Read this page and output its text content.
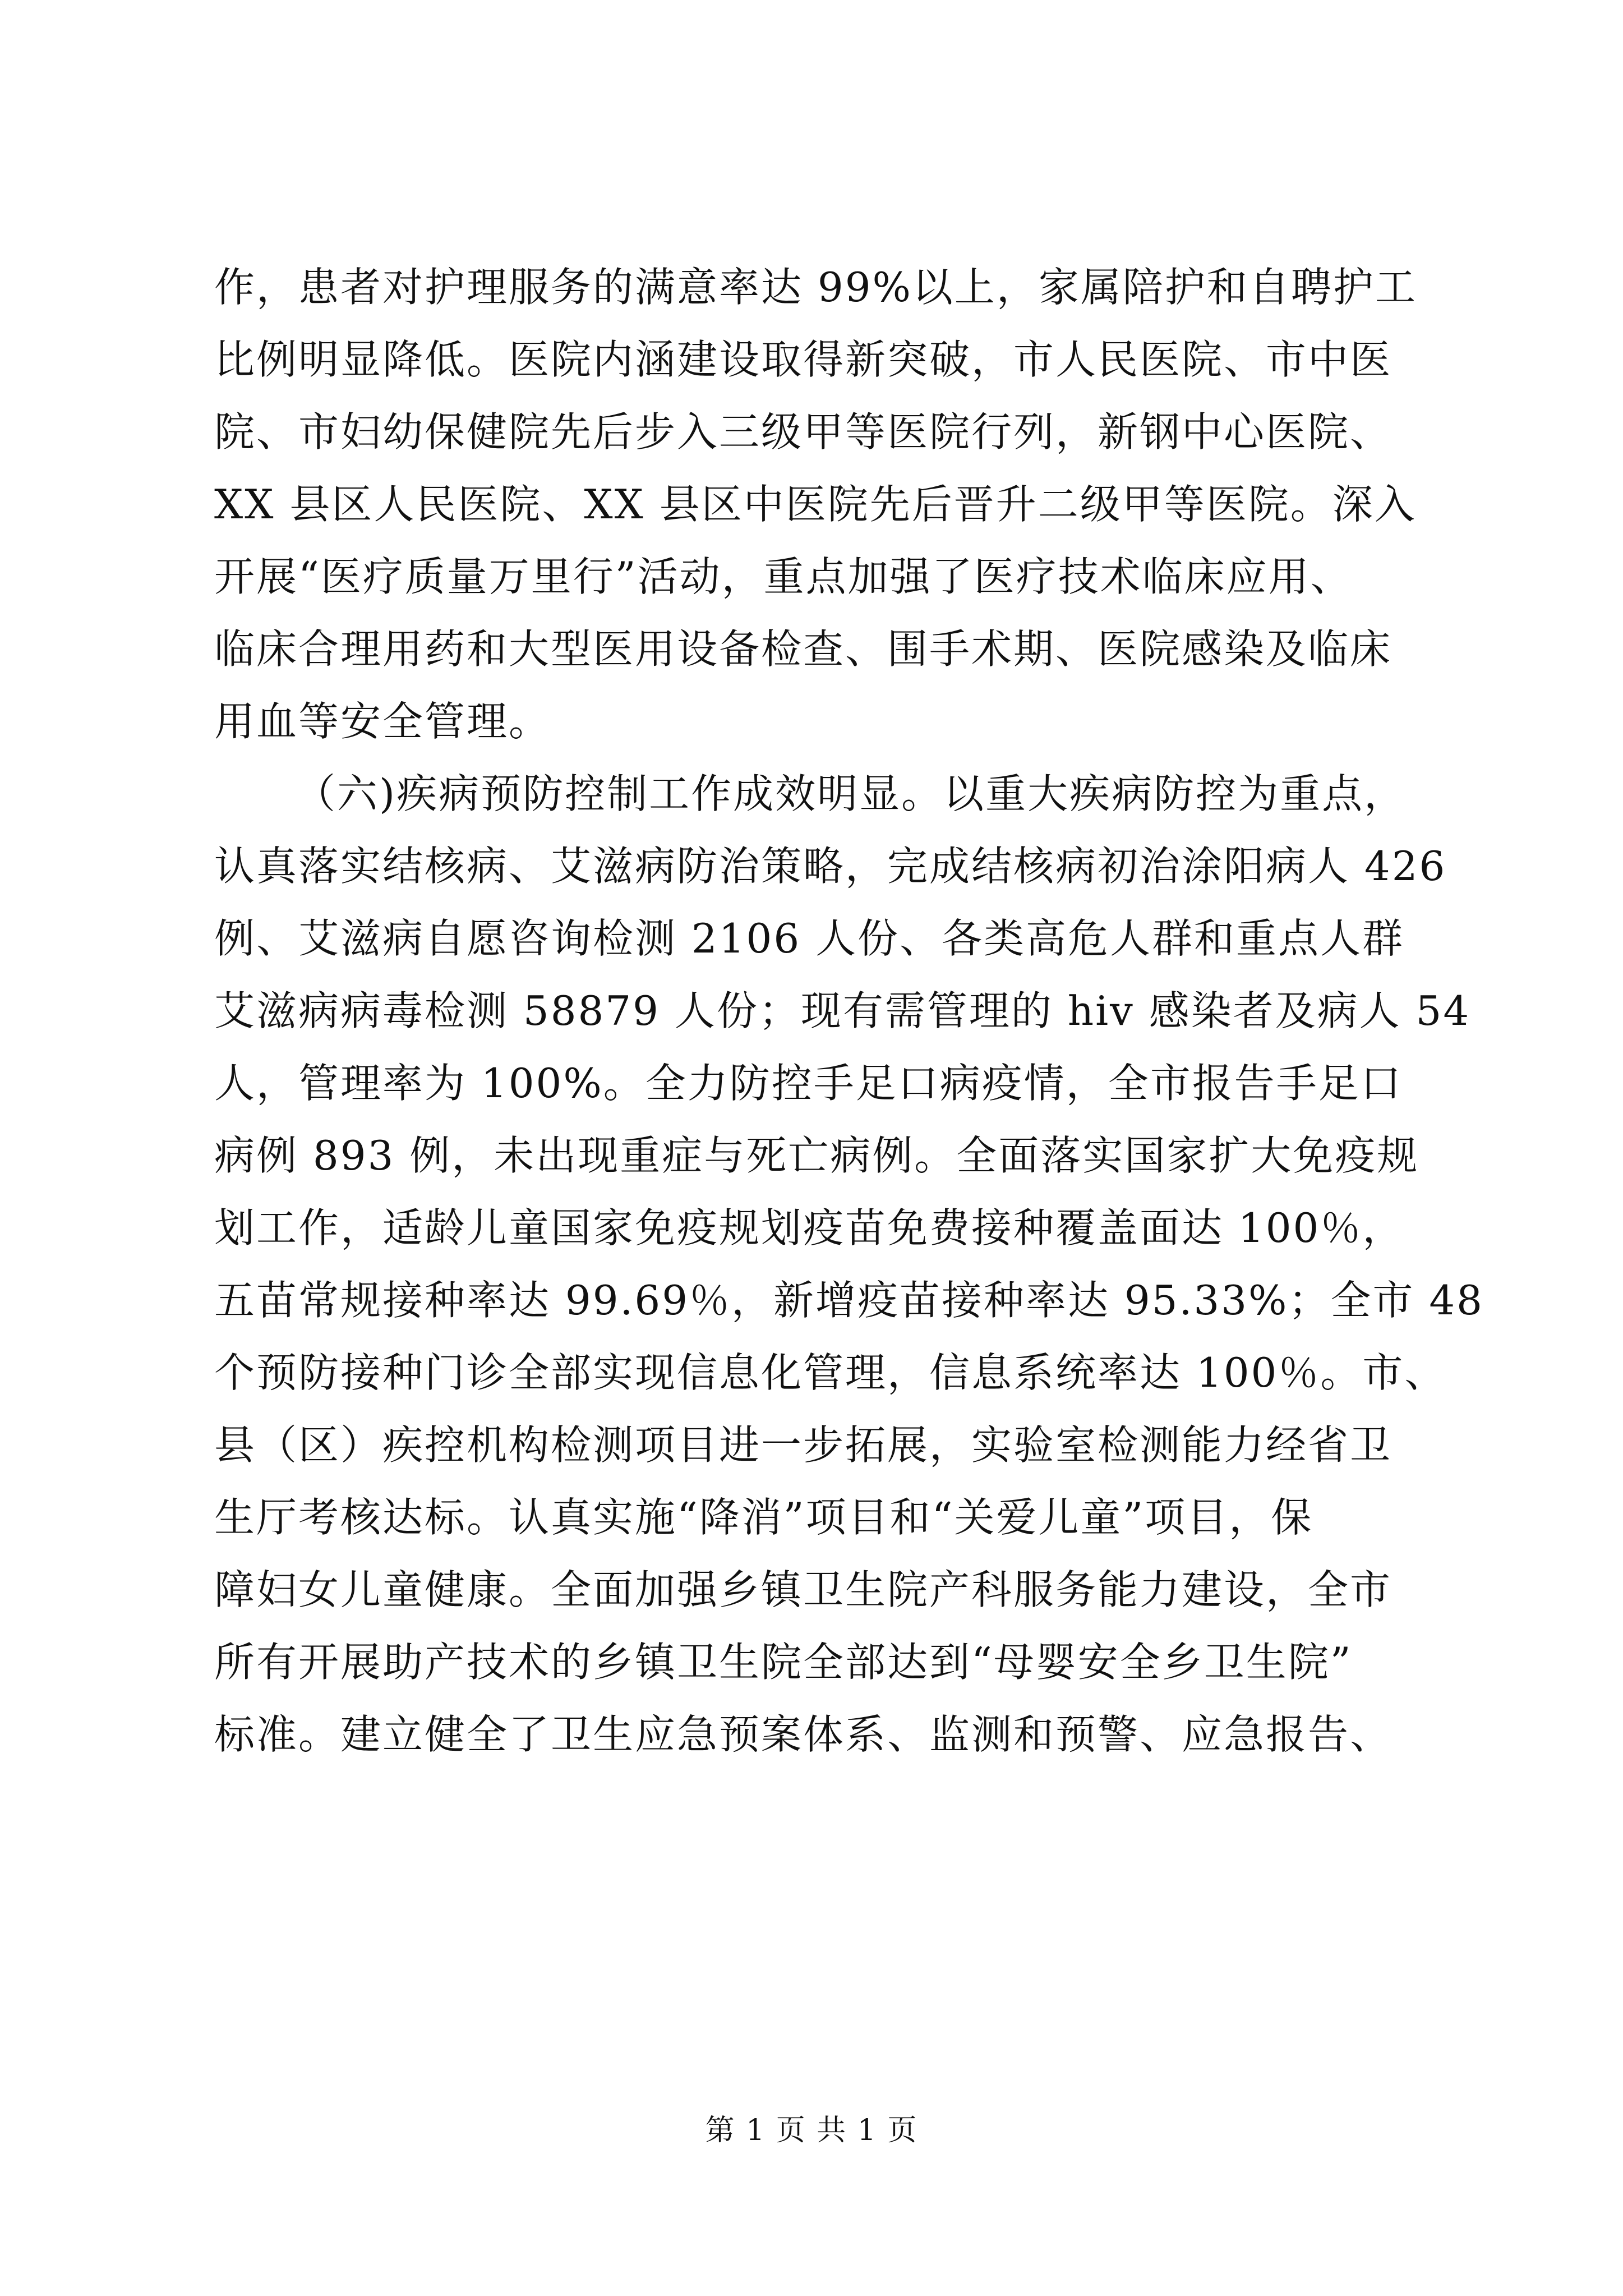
作，患者对护理服务的满意率达 99%以上，家属陪护和自聘护工
比例明显降低。医院内涵建设取得新突破，市人民医院、市中医
院、市妇幼保健院先后步入三级甲等医院行列，新钢中心医院、
XX 县区人民医院、XX 县区中医院先后晋升二级甲等医院。深入
开展“医疗质量万里行”活动，重点加强了医疗技术临床应用、
临床合理用药和大型医用设备检查、围手术期、医院感染及临床
用血等安全管理。
（六)疾病预防控制工作成效明显。以重大疾病防控为重点，
认真落实结核病、艾滋病防治策略，完成结核病初治涂阳病人 426
例、艾滋病自愿咨询检测 2106 人份、各类高危人群和重点人群
艾滋病病毒检测 58879 人份；现有需管理的 hiv 感染者及病人 54
人，管理率为 100%。全力防控手足口病疫情，全市报告手足口
病例 893 例，未出现重症与死亡病例。全面落实国家扩大免疫规
划工作，适龄儿童国家免疫规划疫苗免费接种覆盖面达 100％，
五苗常规接种率达 99.69％，新增疫苗接种率达 95.33%；全市 48
个预防接种门诊全部实现信息化管理，信息系统率达 100％。市、
县（区）疾控机构检测项目进一步拓展，实验室检测能力经省卫
生厅考核达标。认真实施“降消”项目和“关爱儿童”项目，保
障妇女儿童健康。全面加强乡镇卫生院产科服务能力建设，全市
所有开展助产技术的乡镇卫生院全部达到“母婴安全乡卫生院”
标准。建立健全了卫生应急预案体系、监测和预警、应急报告、
第 1 页 共 1 页
